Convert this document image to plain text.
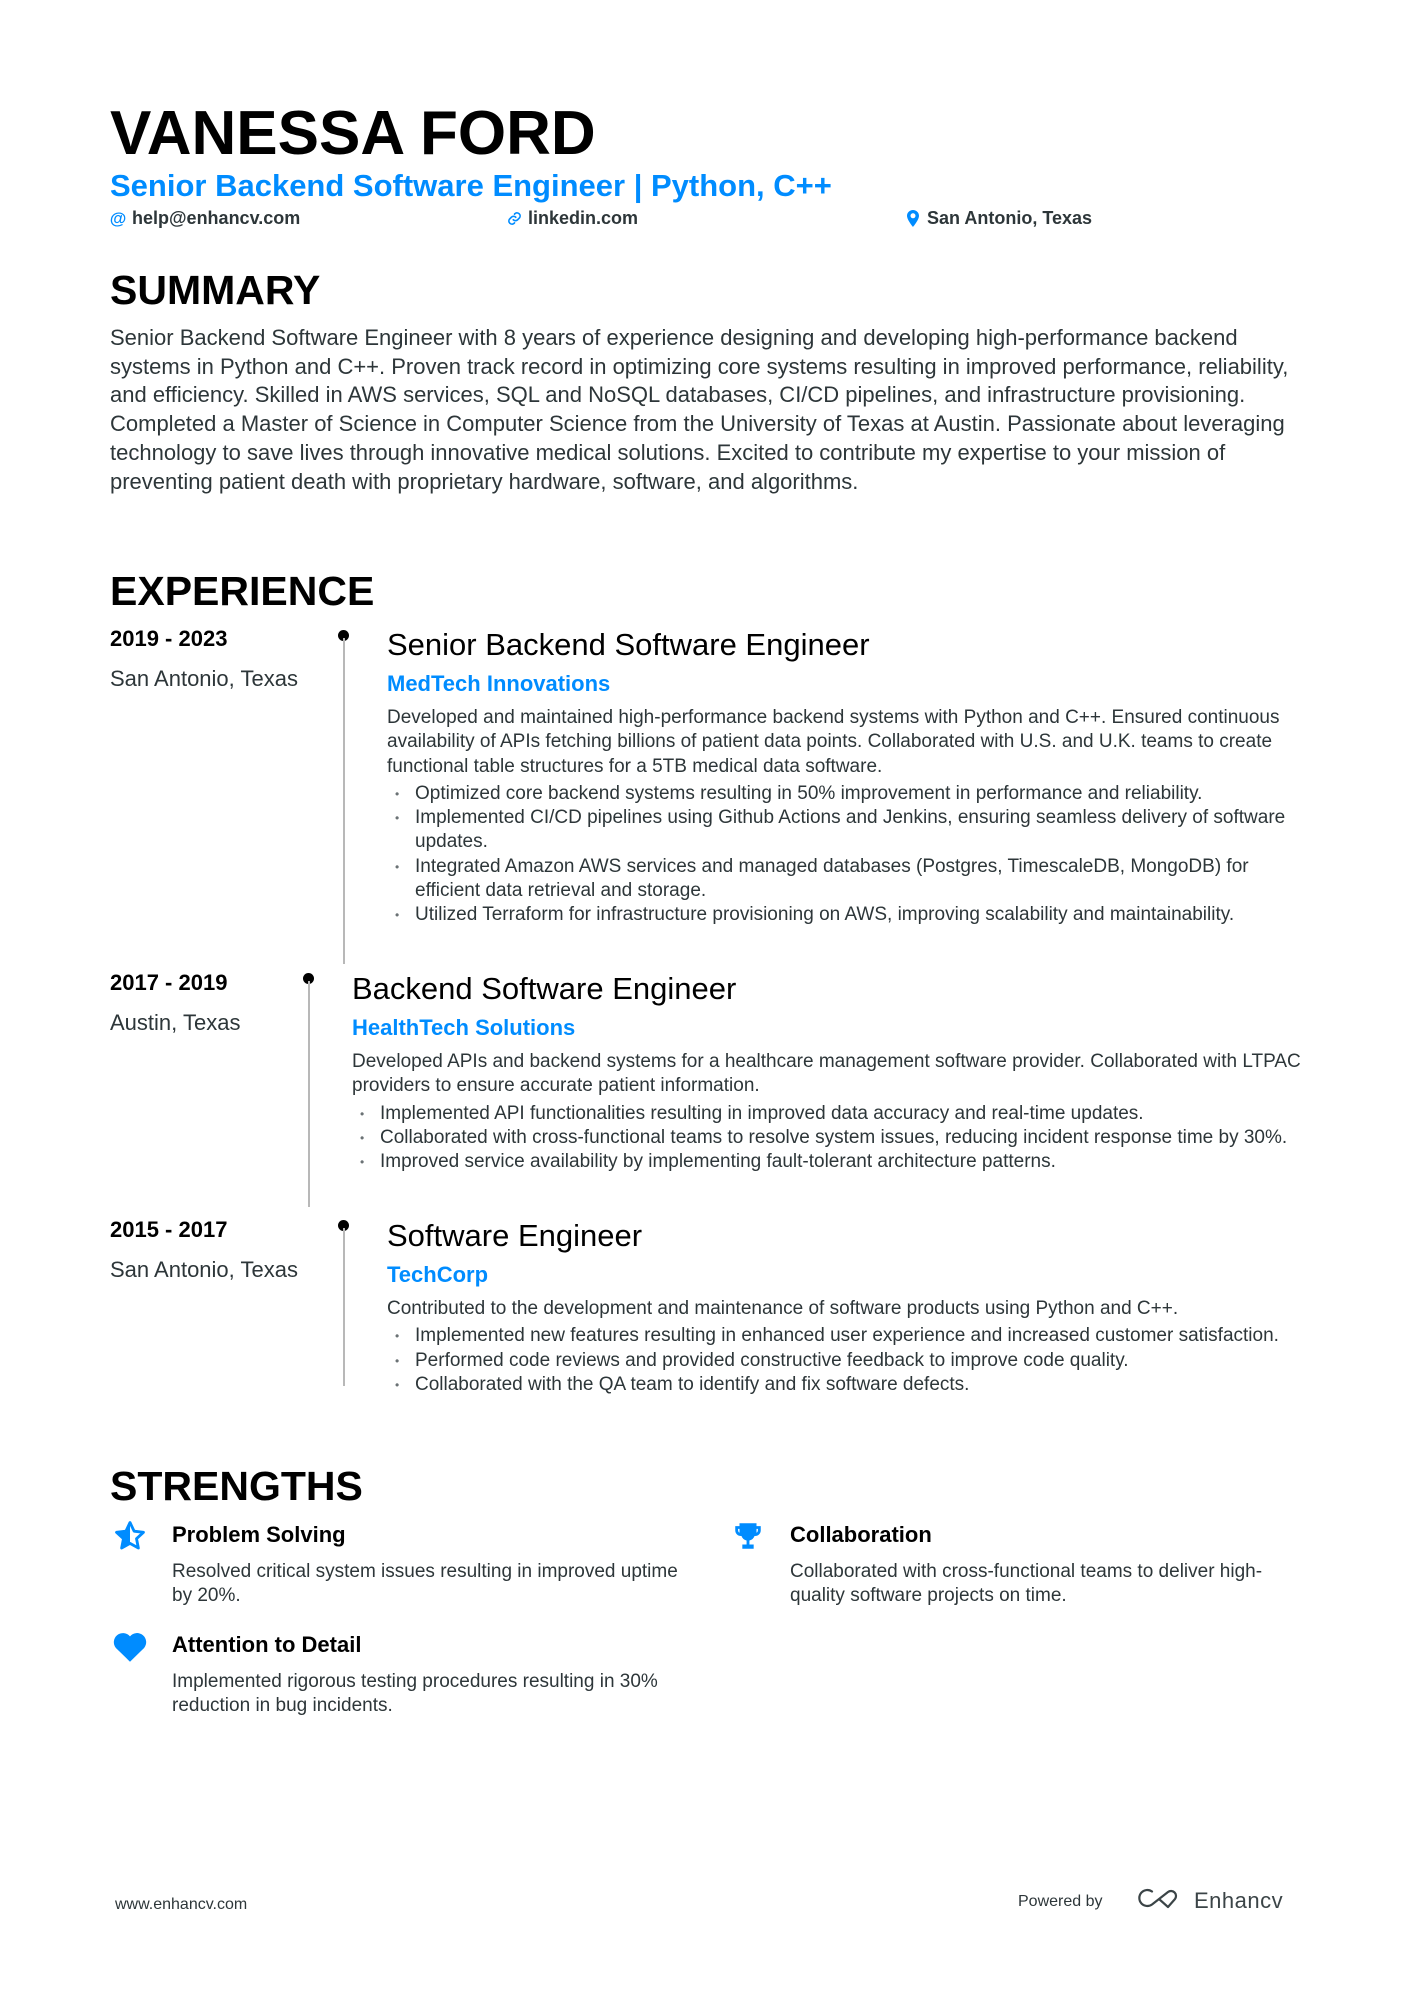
VANESSA FORD
Senior Backend Software Engineer | Python, C++
@ help@enhancv.com	linkedin.com	San Antonio, Texas
SUMMARY
Senior Backend Software Engineer with 8 years of experience designing and developing high-performance backend systems in Python and C++. Proven track record in optimizing core systems resulting in improved performance, reliability, and efficiency. Skilled in AWS services, SQL and NoSQL databases, CI/CD pipelines, and infrastructure provisioning. Completed a Master of Science in Computer Science from the University of Texas at Austin. Passionate about leveraging technology to save lives through innovative medical solutions. Excited to contribute my expertise to your mission of preventing patient death with proprietary hardware, software, and algorithms.
EXPERIENCE
2019 - 2023
San Antonio, Texas
Senior Backend Software Engineer
MedTech Innovations
Developed and maintained high-performance backend systems with Python and C++. Ensured continuous availability of APIs fetching billions of patient data points. Collaborated with U.S. and U.K. teams to create functional table structures for a 5TB medical data software.
• Optimized core backend systems resulting in 50% improvement in performance and reliability.
• Implemented CI/CD pipelines using Github Actions and Jenkins, ensuring seamless delivery of software updates.
• Integrated Amazon AWS services and managed databases (Postgres, TimescaleDB, MongoDB) for efficient data retrieval and storage.
• Utilized Terraform for infrastructure provisioning on AWS, improving scalability and maintainability.
2017 - 2019
Austin, Texas
Backend Software Engineer
HealthTech Solutions
Developed APIs and backend systems for a healthcare management software provider. Collaborated with LTPAC providers to ensure accurate patient information.
• Implemented API functionalities resulting in improved data accuracy and real-time updates.
• Collaborated with cross-functional teams to resolve system issues, reducing incident response time by 30%.
• Improved service availability by implementing fault-tolerant architecture patterns.
2015 - 2017
San Antonio, Texas
Software Engineer
TechCorp
Contributed to the development and maintenance of software products using Python and C++.
• Implemented new features resulting in enhanced user experience and increased customer satisfaction.
• Performed code reviews and provided constructive feedback to improve code quality.
• Collaborated with the QA team to identify and fix software defects.
STRENGTHS
Problem Solving
Resolved critical system issues resulting in improved uptime by 20%.
Collaboration
Collaborated with cross-functional teams to deliver high-quality software projects on time.
Attention to Detail
Implemented rigorous testing procedures resulting in 30% reduction in bug incidents.
www.enhancv.com	Powered by	Enhancv
